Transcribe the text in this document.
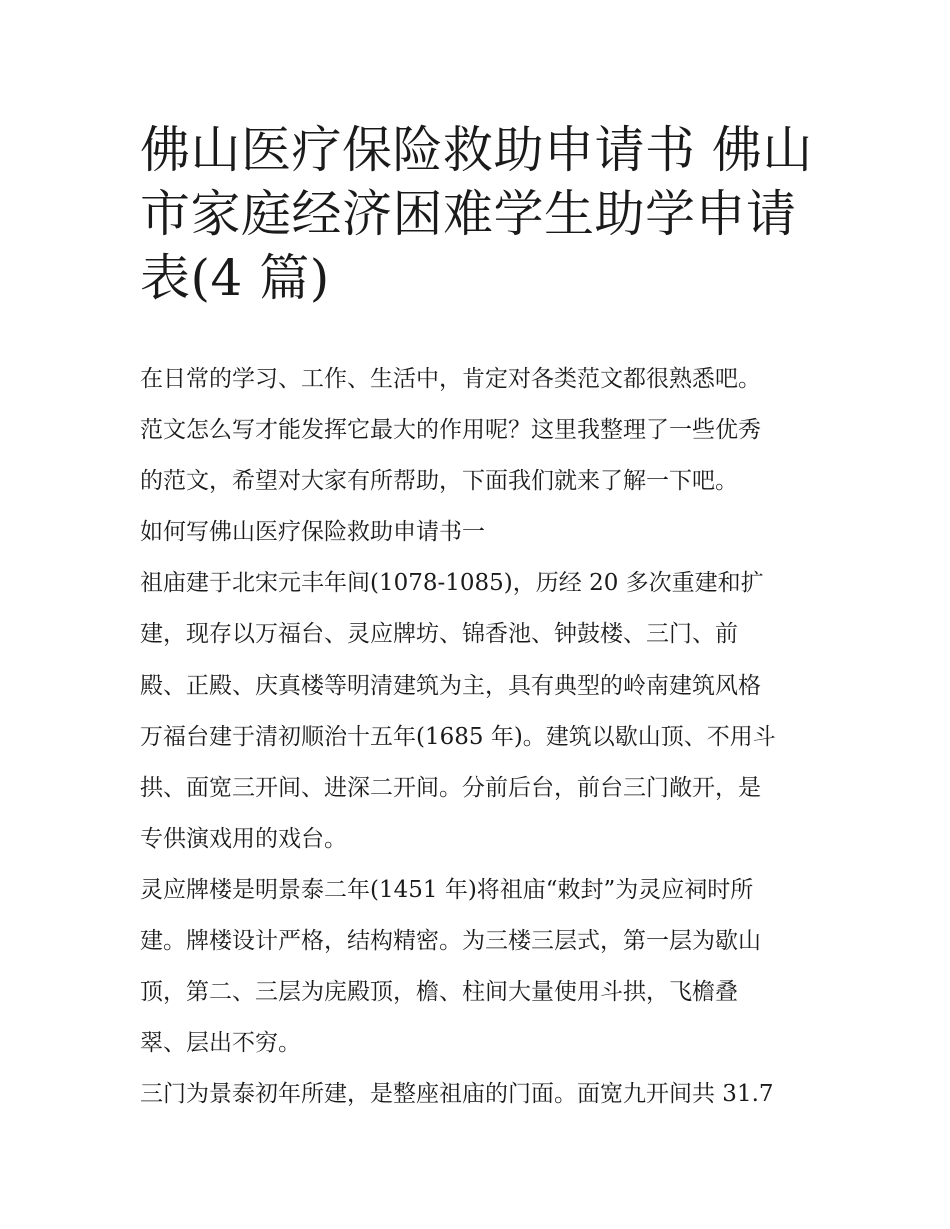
佛山医疗保险救助申请书 佛山
市家庭经济困难学生助学申请
表(4 篇)
在日常的学习、工作、生活中，肯定对各类范文都很熟悉吧。
范文怎么写才能发挥它最大的作用呢？这里我整理了一些优秀
的范文，希望对大家有所帮助，下面我们就来了解一下吧。
如何写佛山医疗保险救助申请书一
祖庙建于北宋元丰年间(1078-1085)，历经 20 多次重建和扩
建，现存以万福台、灵应牌坊、锦香池、钟鼓楼、三门、前
殿、正殿、庆真楼等明清建筑为主，具有典型的岭南建筑风格
万福台建于清初顺治十五年(1685 年)。建筑以歇山顶、不用斗
拱、面宽三开间、进深二开间。分前后台，前台三门敞开，是
专供演戏用的戏台。
灵应牌楼是明景泰二年(1451 年)将祖庙“敕封”为灵应祠时所
建。牌楼设计严格，结构精密。为三楼三层式，第一层为歇山
顶，第二、三层为庑殿顶，檐、柱间大量使用斗拱，飞檐叠
翠、层出不穷。
三门为景泰初年所建，是整座祖庙的门面。面宽九开间共 31.7
